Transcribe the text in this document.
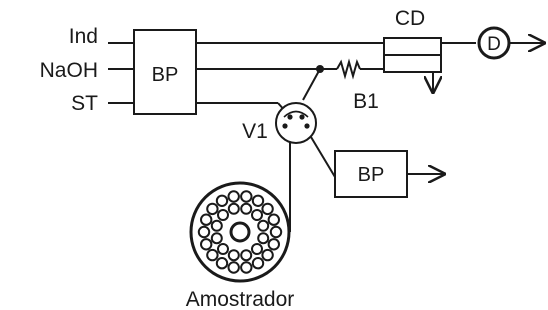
Ind
NaOH
ST
BP
B1
V1
BP
Amostrador
CD
D
